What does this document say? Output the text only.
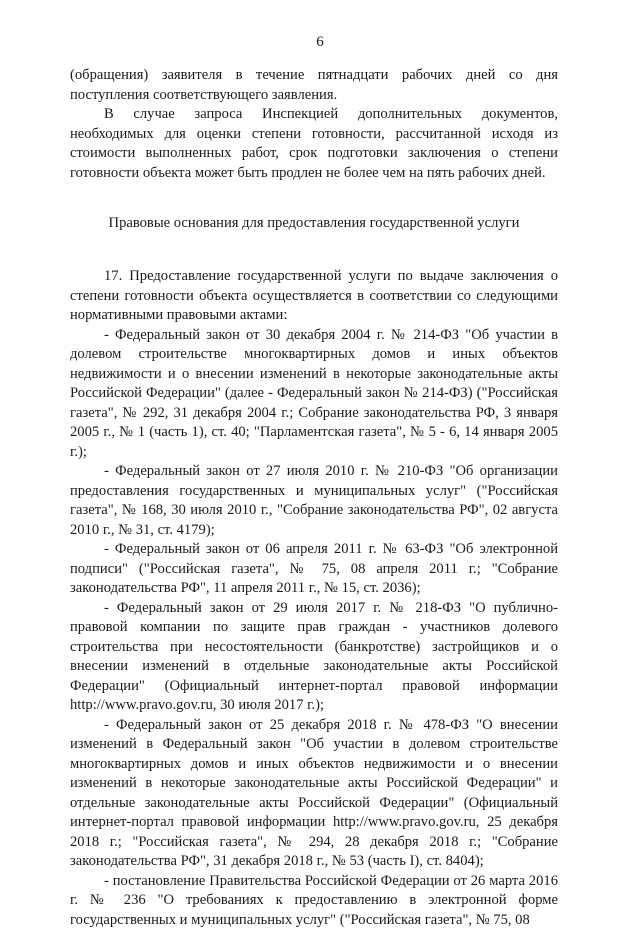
6

(обращения) заявителя в течение пятнадцати рабочих дней со дня поступления соответствующего заявления.

В случае запроса Инспекцией дополнительных документов, необходимых для оценки степени готовности, рассчитанной исходя из стоимости выполненных работ, срок подготовки заключения о степени готовности объекта может быть продлен не более чем на пять рабочих дней.

Правовые основания для предоставления государственной услуги

17. Предоставление государственной услуги по выдаче заключения о степени готовности объекта осуществляется в соответствии со следующими нормативными правовыми актами:

- Федеральный закон от 30 декабря 2004 г. № 214-ФЗ "Об участии в долевом строительстве многоквартирных домов и иных объектов недвижимости и о внесении изменений в некоторые законодательные акты Российской Федерации" (далее - Федеральный закон № 214-ФЗ) ("Российская газета", № 292, 31 декабря 2004 г.; Собрание законодательства РФ, 3 января 2005 г., № 1 (часть 1), ст. 40; "Парламентская газета", № 5 - 6, 14 января 2005 г.);

- Федеральный закон от 27 июля 2010 г. № 210-ФЗ "Об организации предоставления государственных и муниципальных услуг" ("Российская газета", № 168, 30 июля 2010 г., "Собрание законодательства РФ", 02 августа 2010 г., № 31, ст. 4179);

- Федеральный закон от 06 апреля 2011 г. № 63-ФЗ "Об электронной подписи" ("Российская газета", № 75, 08 апреля 2011 г.; "Собрание законодательства РФ", 11 апреля 2011 г., № 15, ст. 2036);

- Федеральный закон от 29 июля 2017 г. № 218-ФЗ "О публично-правовой компании по защите прав граждан - участников долевого строительства при несостоятельности (банкротстве) застройщиков и о внесении изменений в отдельные законодательные акты Российской Федерации" (Официальный интернет-портал правовой информации http://www.pravo.gov.ru, 30 июля 2017 г.);

- Федеральный закон от 25 декабря 2018 г. № 478-ФЗ "О внесении изменений в Федеральный закон "Об участии в долевом строительстве многоквартирных домов и иных объектов недвижимости и о внесении изменений в некоторые законодательные акты Российской Федерации" и отдельные законодательные акты Российской Федерации" (Официальный интернет-портал правовой информации http://www.pravo.gov.ru, 25 декабря 2018 г.; "Российская газета", № 294, 28 декабря 2018 г.; "Собрание законодательства РФ", 31 декабря 2018 г., № 53 (часть I), ст. 8404);

- постановление Правительства Российской Федерации от 26 марта 2016 г. № 236 "О требованиях к предоставлению в электронной форме государственных и муниципальных услуг" ("Российская газета", № 75, 08
